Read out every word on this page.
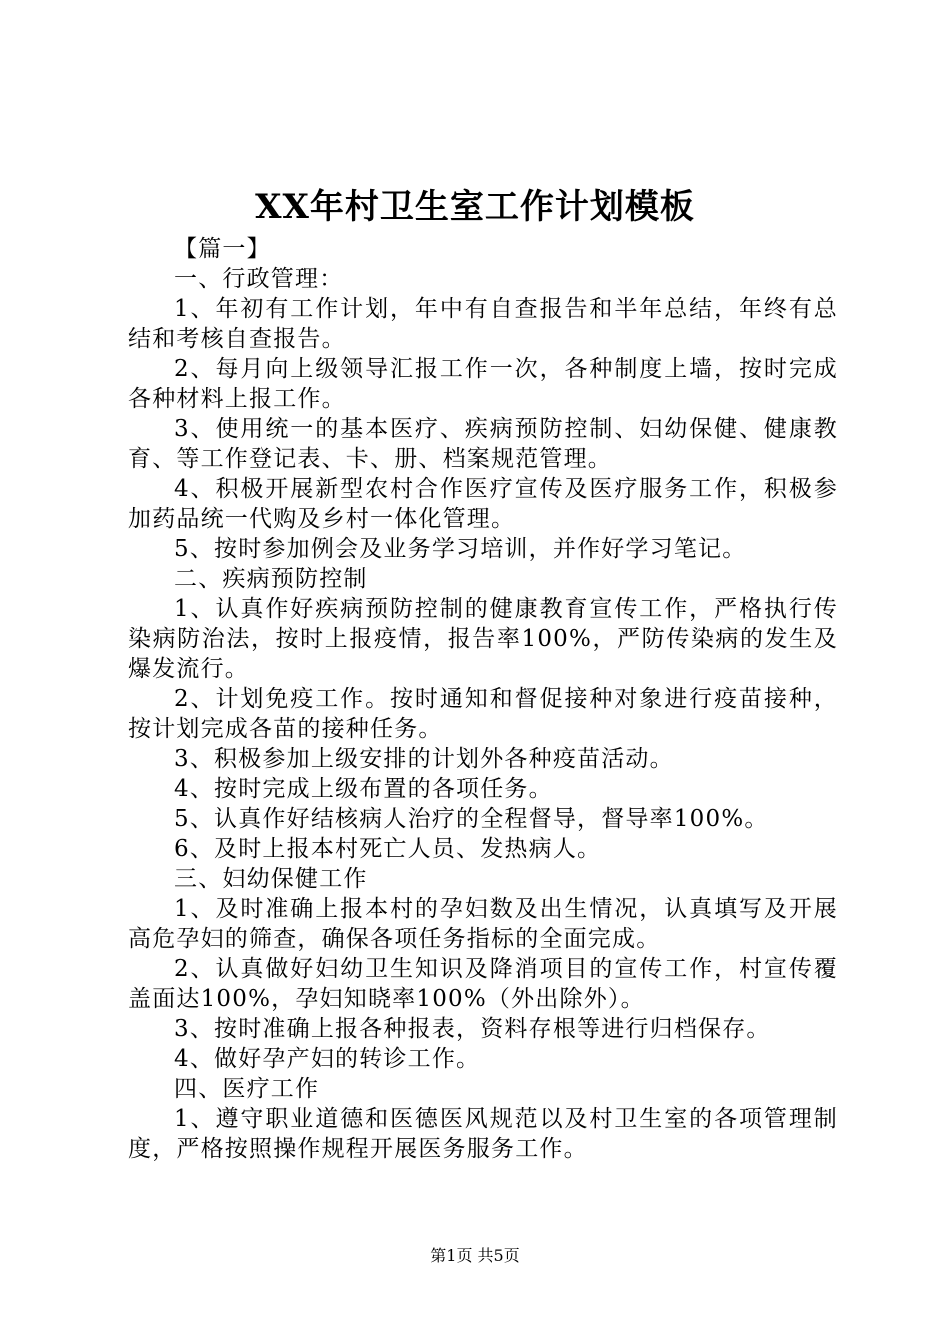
XX年村卫生室工作计划模板

【篇一】

一、行政管理：

1、年初有工作计划，年中有自查报告和半年总结，年终有总结和考核自查报告。

2、每月向上级领导汇报工作一次，各种制度上墙，按时完成各种材料上报工作。

3、使用统一的基本医疗、疾病预防控制、妇幼保健、健康教育、等工作登记表、卡、册、档案规范管理。

4、积极开展新型农村合作医疗宣传及医疗服务工作，积极参加药品统一代购及乡村一体化管理。

5、按时参加例会及业务学习培训，并作好学习笔记。

二、疾病预防控制

1、认真作好疾病预防控制的健康教育宣传工作，严格执行传染病防治法，按时上报疫情，报告率100%，严防传染病的发生及爆发流行。

2、计划免疫工作。按时通知和督促接种对象进行疫苗接种，按计划完成各苗的接种任务。

3、积极参加上级安排的计划外各种疫苗活动。

4、按时完成上级布置的各项任务。

5、认真作好结核病人治疗的全程督导，督导率100%。

6、及时上报本村死亡人员、发热病人。

三、妇幼保健工作

1、及时准确上报本村的孕妇数及出生情况，认真填写及开展高危孕妇的筛查，确保各项任务指标的全面完成。

2、认真做好妇幼卫生知识及降消项目的宣传工作，村宣传覆盖面达100%，孕妇知晓率100%（外出除外）。

3、按时准确上报各种报表，资料存根等进行归档保存。

4、做好孕产妇的转诊工作。

四、医疗工作

1、遵守职业道德和医德医风规范以及村卫生室的各项管理制度，严格按照操作规程开展医务服务工作。

第1页 共5页
